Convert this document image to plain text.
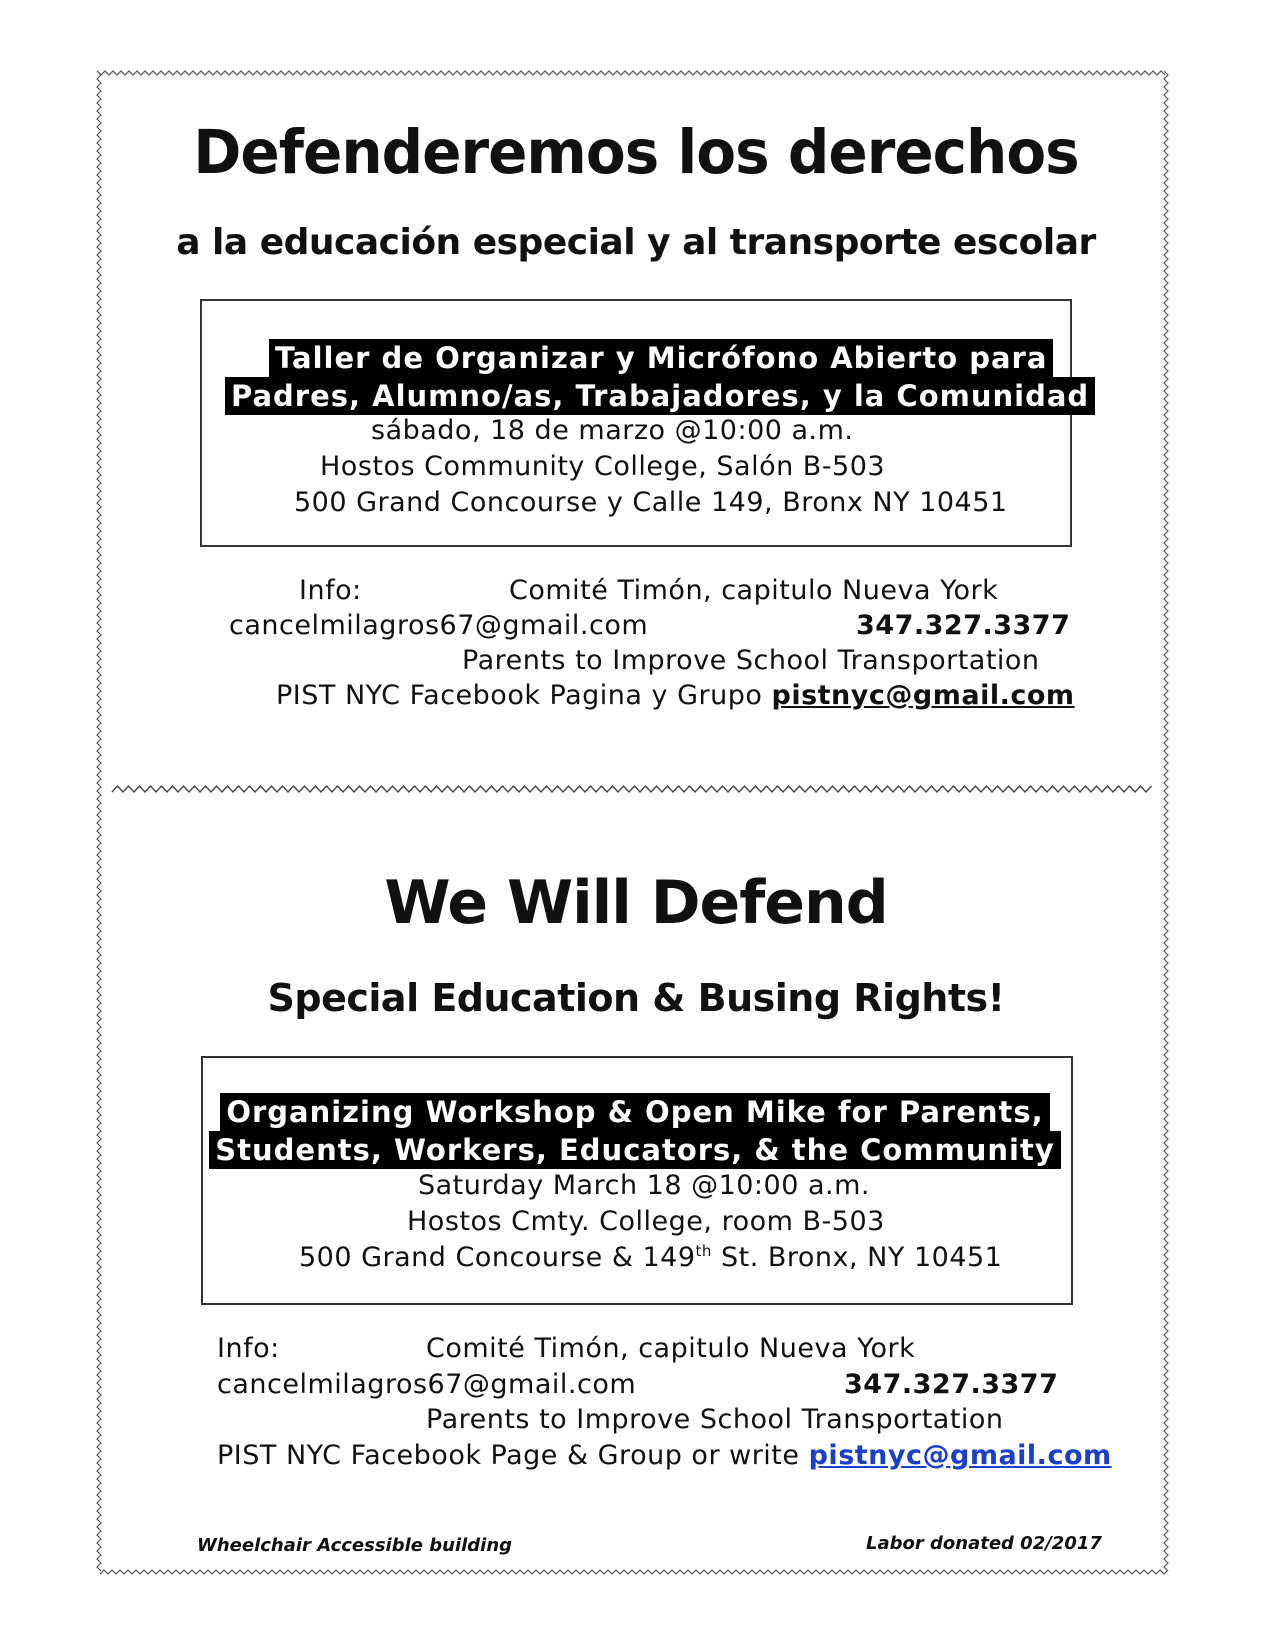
Defenderemos los derechos
a la educación especial y al transporte escolar
Taller de Organizar y Micrófono Abierto para
Padres, Alumno/as, Trabajadores, y la Comunidad
sábado, 18 de marzo @10:00 a.m.
Hostos Community College, Salón B-503
500 Grand Concourse y Calle 149, Bronx NY 10451
Info:	Comité Timón, capitulo Nueva York
cancelmilagros67@gmail.com	347.327.3377
Parents to Improve School Transportation
PIST NYC Facebook Pagina y Grupo pistnyc@gmail.com
We Will Defend
Special Education & Busing Rights!
Organizing Workshop & Open Mike for Parents,
Students, Workers, Educators, & the Community
Saturday March 18 @10:00 a.m.
Hostos Cmty. College, room B-503
500 Grand Concourse & 149th St. Bronx, NY 10451
Info:	Comité Timón, capitulo Nueva York
cancelmilagros67@gmail.com	347.327.3377
Parents to Improve School Transportation
PIST NYC Facebook Page & Group or write pistnyc@gmail.com
Wheelchair Accessible building	Labor donated 02/2017
